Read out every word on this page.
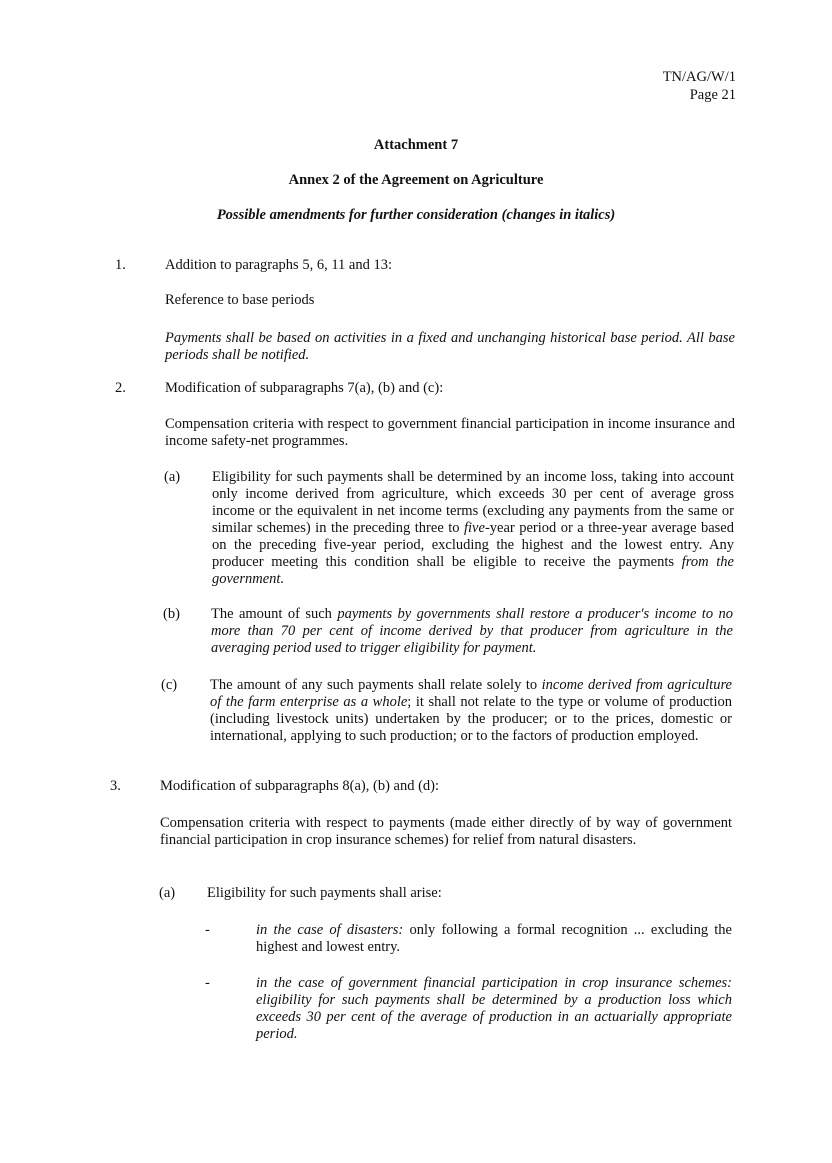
TN/AG/W/1
Page 21
Attachment 7
Annex 2 of the Agreement on Agriculture
Possible amendments for further consideration (changes in italics)
1.	Addition to paragraphs 5, 6, 11 and 13:
Reference to base periods
Payments shall be based on activities in a fixed and unchanging historical base period. All base periods shall be notified.
2.	Modification of subparagraphs 7(a), (b) and (c):
Compensation criteria with respect to government financial participation in income insurance and income safety-net programmes.
(a) Eligibility for such payments shall be determined by an income loss, taking into account only income derived from agriculture, which exceeds 30 per cent of average gross income or the equivalent in net income terms (excluding any payments from the same or similar schemes) in the preceding three to five-year period or a three-year average based on the preceding five-year period, excluding the highest and the lowest entry. Any producer meeting this condition shall be eligible to receive the payments from the government.
(b) The amount of such payments by governments shall restore a producer's income to no more than 70 per cent of income derived by that producer from agriculture in the averaging period used to trigger eligibility for payment.
(c) The amount of any such payments shall relate solely to income derived from agriculture of the farm enterprise as a whole; it shall not relate to the type or volume of production (including livestock units) undertaken by the producer; or to the prices, domestic or international, applying to such production; or to the factors of production employed.
3.	Modification of subparagraphs 8(a), (b) and (d):
Compensation criteria with respect to payments (made either directly of by way of government financial participation in crop insurance schemes) for relief from natural disasters.
(a) Eligibility for such payments shall arise:
-	in the case of disasters: only following a formal recognition ... excluding the highest and lowest entry.
-	in the case of government financial participation in crop insurance schemes: eligibility for such payments shall be determined by a production loss which exceeds 30 per cent of the average of production in an actuarially appropriate period.
